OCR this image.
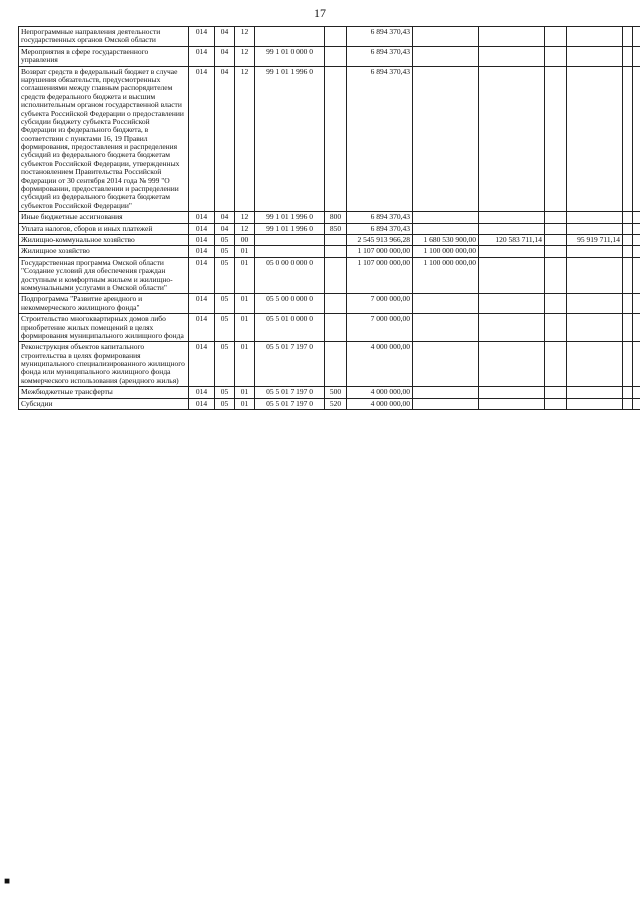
17
Непрограммные направления деятельности государственных органов Омской области	014	04	12			6 894 370,43						
Мероприятия в сфере государственного управления	014	04	12	99 1 01 0 000 0		6 894 370,43						
Возврат средств в федеральный бюджет в случае нарушения обязательств, предусмотренных соглашениями между главным распорядителем средств федерального бюджета и высшим исполнительным органом государственной власти субъекта Российской Федерации о предоставлении субсидии бюджету субъекта Российской Федерации из федерального бюджета, в соответствии с пунктами 16, 19 Правил формирования, предоставления и распределения субсидий из федерального бюджета бюджетам субъектов Российской Федерации, утвержденных постановлением Правительства Российской Федерации от 30 сентября 2014 года № 999 "О формировании, предоставлении и распределении субсидий из федерального бюджета бюджетам субъектов Российской Федерации"	014	04	12	99 1 01 1 996 0		6 894 370,43						
Иные бюджетные ассигнования	014	04	12	99 1 01 1 996 0	800	6 894 370,43						
Уплата налогов, сборов и иных платежей	014	04	12	99 1 01 1 996 0	850	6 894 370,43						
Жилищно-коммунальное хозяйство	014	05	00			2 545 913 966,28	1 680 530 900,00	120 583 711,14		95 919 711,14		
Жилищное хозяйство	014	05	01			1 107 000 000,00	1 100 000 000,00					
Государственная программа Омской области "Создание условий для обеспечения граждан доступным и комфортным жильем и жилищно-коммунальными услугами в Омской области"	014	05	01	05 0 00 0 000 0		1 107 000 000,00	1 100 000 000,00					
Подпрограмма "Развитие арендного и некоммерческого жилищного фонда"	014	05	01	05 5 00 0 000 0		7 000 000,00						
Строительство многоквартирных домов либо приобретение жилых помещений в целях формирования муниципального жилищного фонда	014	05	01	05 5 01 0 000 0		7 000 000,00						
Реконструкция объектов капитального строительства в целях формирования муниципального специализированного жилищного фонда или муниципального жилищного фонда коммерческого использования (арендного жилья)	014	05	01	05 5 01 7 197 0		4 000 000,00						
Межбюджетные трансферты	014	05	01	05 5 01 7 197 0	500	4 000 000,00						
Субсидии	014	05	01	05 5 01 7 197 0	520	4 000 000,00						
■
